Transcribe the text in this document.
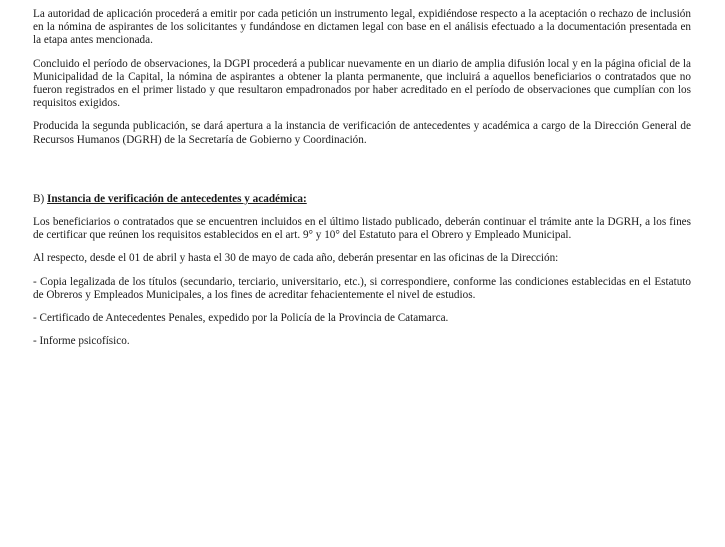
La autoridad de aplicación procederá a emitir por cada petición un instrumento legal, expidiéndose respecto a la aceptación o rechazo de inclusión en la nómina de aspirantes de los solicitantes y fundándose en dictamen legal con base en el análisis efectuado a la documentación presentada en la etapa antes mencionada.

Concluido el período de observaciones, la DGPI procederá a publicar nuevamente en un diario de amplia difusión local y en la página oficial de la Municipalidad de la Capital, la nómina de aspirantes a obtener la planta permanente, que incluirá a aquellos beneficiarios o contratados que no fueron registrados en el primer listado y que resultaron empadronados por haber acreditado en el período de observaciones que cumplían con los requisitos exigidos.

Producida la segunda publicación, se dará apertura a la instancia de verificación de antecedentes y académica a cargo de la Dirección General de Recursos Humanos (DGRH) de la Secretaría de Gobierno y Coordinación.

B) Instancia de verificación de antecedentes y académica:

Los beneficiarios o contratados que se encuentren incluidos en el último listado publicado, deberán continuar el trámite ante la DGRH, a los fines de certificar que reúnen los requisitos establecidos en el art. 9° y 10° del Estatuto para el Obrero y Empleado Municipal.

Al respecto, desde el 01 de abril y hasta el 30 de mayo de cada año, deberán presentar en las oficinas de la Dirección:

- Copia legalizada de los títulos (secundario, terciario, universitario, etc.), si correspondiere, conforme las condiciones establecidas en el Estatuto de Obreros y Empleados Municipales, a los fines de acreditar fehacientemente el nivel de estudios.

- Certificado de Antecedentes Penales, expedido por la Policía de la Provincia de Catamarca.

- Informe psicofísico.
